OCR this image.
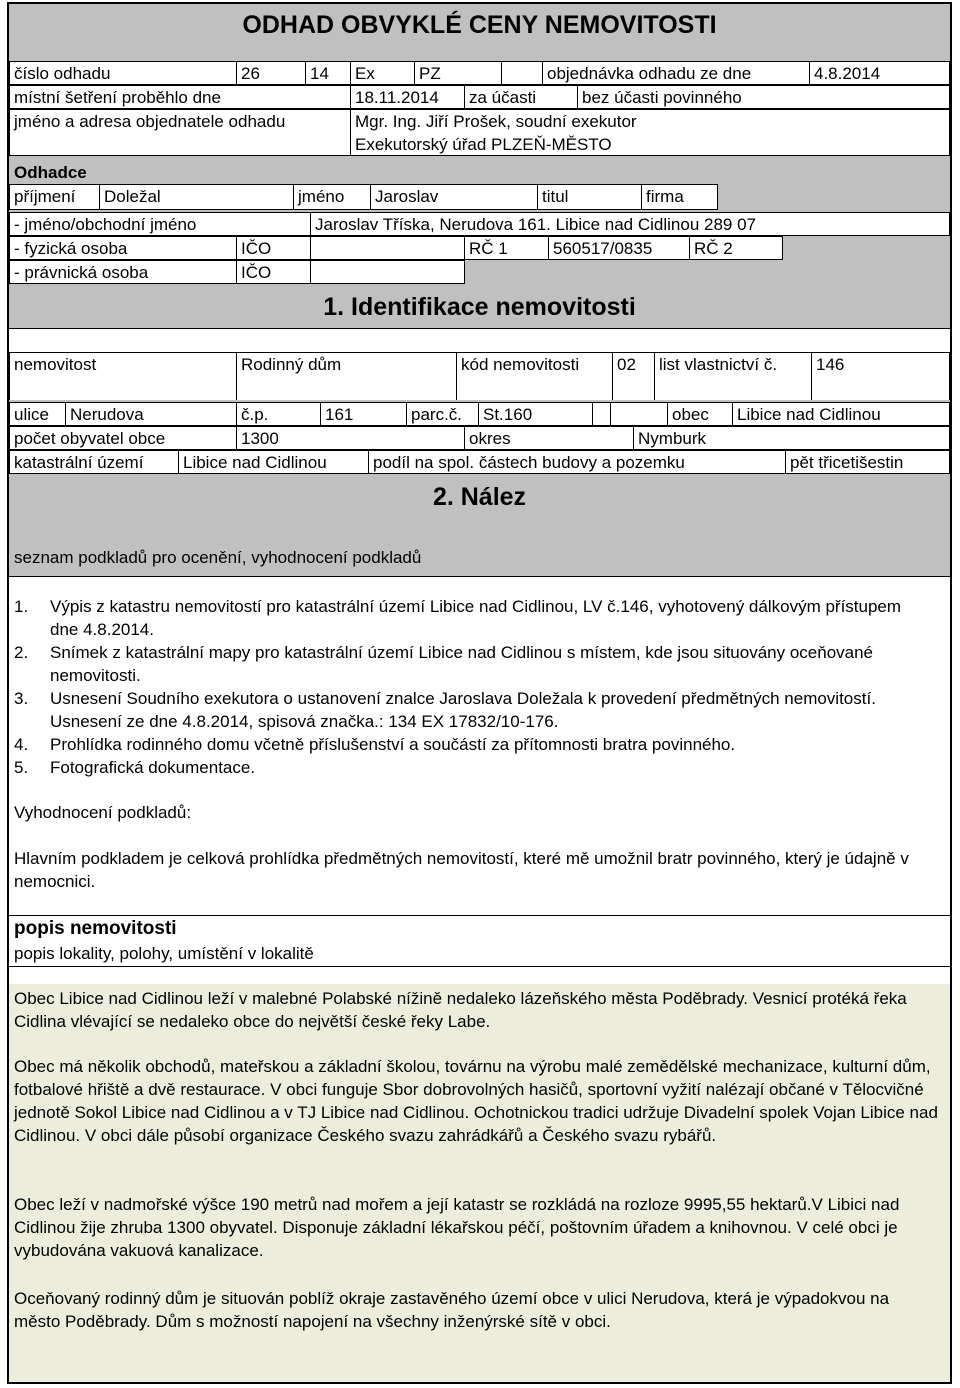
ODHAD OBVYKLÉ CENY NEMOVITOSTI
číslo odhadu	26	14	Ex	PZ	objednávka odhadu ze dne	4.8.2014
místní šetření proběhlo dne	18.11.2014	za účasti	bez účasti povinného
jméno a adresa objednatele odhadu	Mgr. Ing. Jiří Prošek, soudní exekutor
Exekutorský úřad PLZEŇ-MĚSTO
Odhadce
příjmení	Doležal	jméno	Jaroslav	titul	firma
- jméno/obchodní jméno	Jaroslav Tříska, Nerudova 161. Libice nad Cidlinou 289 07
- fyzická osoba	IČO	RČ 1	560517/0835	RČ 2
- právnická osoba	IČO
1. Identifikace nemovitosti
nemovitost	Rodinný dům	kód nemovitosti	02	list vlastnictví č.	146
ulice	Nerudova	č.p.	161	parc.č.	St.160	obec	Libice nad Cidlinou
počet obyvatel obce	1300	okres	Nymburk
katastrální území	Libice nad Cidlinou	podíl na spol. částech budovy a pozemku	pět třicetišestin
2. Nález
seznam podkladů pro ocenění, vyhodnocení podkladů
1. Výpis z katastru nemovitostí pro katastrální území Libice nad Cidlinou, LV č.146, vyhotovený dálkovým přístupem dne 4.8.2014.
2. Snímek z katastrální mapy pro katastrální území Libice nad Cidlinou s místem, kde jsou situovány oceňované nemovitosti.
3. Usnesení Soudního exekutora o ustanovení znalce Jaroslava Doležala k provedení předmětných nemovitostí. Usnesení ze dne 4.8.2014, spisová značka.: 134 EX 17832/10-176.
4. Prohlídka rodinného domu včetně příslušenství a součástí za přítomnosti bratra povinného.
5. Fotografická dokumentace.
Vyhodnocení podkladů:
Hlavním podkladem je celková prohlídka předmětných nemovitostí, které mě umožnil bratr povinného, který je údajně v nemocnici.
popis nemovitosti
popis lokality, polohy, umístění v lokalitě
Obec Libice nad Cidlinou leží v malebné Polabské nížině nedaleko lázeňského města Poděbrady. Vesnicí protéká řeka Cidlina vlévající se nedaleko obce do největší české řeky Labe.
Obec má několik obchodů, mateřskou a základní školou, továrnu na výrobu malé zemědělské mechanizace, kulturní dům, fotbalové hřiště a dvě restaurace. V obci funguje Sbor dobrovolných hasičů, sportovní vyžití nalézají občané v Tělocvičné jednotě Sokol Libice nad Cidlinou a v TJ Libice nad Cidlinou. Ochotnickou tradici udržuje Divadelní spolek Vojan Libice nad Cidlinou. V obci dále působí organizace Českého svazu zahrádkářů a Českého svazu rybářů.
Obec leží v nadmořské výšce 190 metrů nad mořem a její katastr se rozkládá na rozloze 9995,55 hektarů.V Libici nad Cidlinou žije zhruba 1300 obyvatel. Disponuje základní lékařskou péčí, poštovním úřadem a knihovnou. V celé obci je vybudována vakuová kanalizace.
Oceňovaný rodinný dům je situován poblíž okraje zastavěného území obce v ulici Nerudova, která je výpadokvou na město Poděbrady. Dům s možností napojení na všechny inženýrské sítě v obci.
